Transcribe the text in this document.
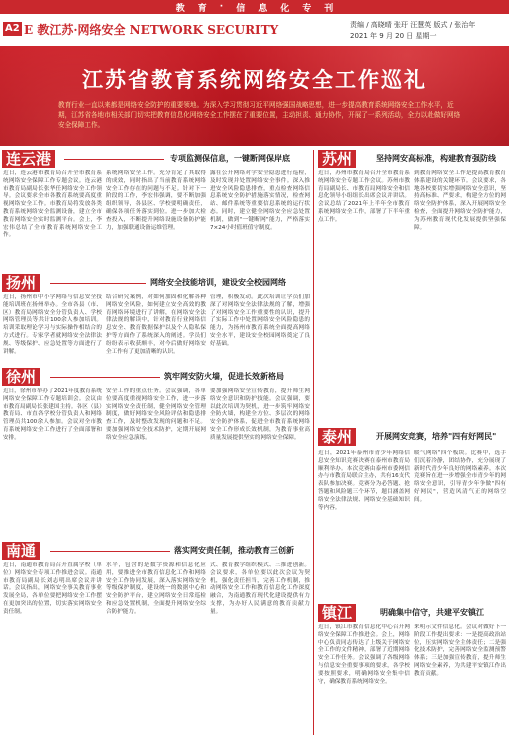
教 育 · 信 息 化 专 刊
A2 E 教江苏·网络安全 NETWORK SECURITY	责编 / 高晓晴 张玗 汪慧英 版式 / 张治年
2021 年 9 月 20 日 星期一
江苏省教育系统网络安全工作巡礼
教育行业一直以来都是网络安全防护的重要领地。为深入学习贯彻习近平网络强国战略思想，进一步提高教育系统网络安全工作水平，近期，江苏省各地市相关部门切实把教育信息化网络安全工作摆在了重要位置，主动担责、通力协作，开展了一系列活动，全力以赴做好网络安全保障工作。
连云港	专项监测保信息，一键断网保岸底
近日，连云港市教育局召开全市教育系统网络安全保障工作专题会议。连云港市教育局副局长张华任网络安全工作领导。会议要求全市各教育系统要高度重视网络安全工作。市教育局将发放各类教育系统网络安全监测设备，建立全市教育网络安全实时监测平台。会上，李宏伟总结了全市教育系统网络安全工作。
系统网络安全工作。充分肯定了其取得的成效，同时指出了当前教育系统网络安全工作存在的问题与不足。针对下一阶段的工作，李宏伟强调，要不断加强组织领导，各县区、学校要明确责任，确保各项任务落实到位。进一步加大检查投入，不断提升网络设施设备防护能力，加强联通设备运维管理。
露在公开网络对学安全隐患进行巡检，及时发现并处置网络安全事件。深入推进安全风险隐患排查，重点检查网络信息系统安全防护措施落实情况，检查网站、邮件系统等重要信息系统的运行状态。同时，建立健全网络安全应急处置机制，做到"一键断网"能力，严格落实7×24小时值班值守制度。
扬州	网络安全技能培训，建设安全校园网络
近日，扬州市中小学网络与信息安全技能培训班在扬州举办。全市各县（市、区）教育局网络安全分管负责人、学校网络管理员等共计100余人参加培训。培训采取理论学习与实际操作相结合的方式进行。专家学者就网络安全法律法规、等级保护、应急处置等方面进行了讲解。
结合研究案例，对如何加固和化解各种网络安全风险，如何建立安全高效的教育网络环境进行了讲解，在网络安全法律法规的解读中，针对教育行业网络信息安全、教育数据保护以及个人隐私保护等方面作了系统深入的阐述。学员们纷纷表示收获颇丰，对今后做好网络安全工作有了更加清晰的认识。
管理，积极发动。此次培训让学员们加深了对网络安全法律法规的了解，增强了对网络安全工作重要性的认识，提升了实际工作中处置网络安全风险隐患的能力，为扬州市教育系统全面提高网络安全水平，建设安全校园网络奠定了良好基础。
徐州	筑牢网安防火墙，促进长效新格局
近日，徐州市举办了2021年度教育系统网络安全保障工作专题培训会。会议由市教育局副局长张建国主持。各区（县）教育局、市直各学校分管负责人和网络管理员共100余人参加。会议对全市教育系统网络安全工作进行了全面部署和安排。
安全工作的重点任务。会议强调，各单位要高度重视网络安全工作，进一步落实网络安全责任制，健全网络安全管理制度，做好网络安全风险评估和隐患排查工作，及时整改发现的问题和不足。要加强网络安全技术防护，定期开展网络安全应急演练。
要加强网络安全宣传教育，提升师生网络安全意识和防护技能。会议强调，要以此次培训为契机，进一步筑牢网络安全防火墙，构建全方位、多层次的网络安全防护体系，促进全市教育系统网络安全工作形成长效机制，为教育事业高质量发展提供坚实的网络安全保障。
南通	落实网安责任制，推动教育三创新
近日，南通市教育局召开直属学校（单位）网络安全专项工作推进会议。南通市教育局副局长刘志明出席会议并讲话。会议指出，网络安全事关教育事业发展全局，各单位要把网络安全工作摆在更加突出的位置，切实落实网络安全责任制。
水平，包含的是数字资源和信息化应用，要推进全市教育信息化工作和网络安全工作协同发展，深入落实网络安全等级保护制度，建设统一的数据中心和安全防护平台，建立网络安全日常巡检和应急处置机制，全面提升网络安全综合防护能力。
式、教育教学组织模式、三推进创新。会议要求，各单位要以此次会议为契机，强化责任担当，完善工作机制，推动网络安全工作和教育信息化工作深度融合，为南通教育现代化建设提供有力支撑，为办好人民满意的教育贡献力量。
苏州	坚持网安高标准，构建教育强防线
近日，苏州市教育局召开全市教育系统网络安全专题工作会议。苏州市教育局副局长、市教育局网络安全和信息化领导小组组长出席会议并讲话。会议总结了2021年上半年全市教育系统网络安全工作，部署了下半年重点工作。
到教育网络安全工作是提高教育教育体系建设的关键环节。会议要求，各地各校要切实增强网络安全意识，坚持高标准、严要求，构建全方位的网络安全防护体系，深入开展网络安全检查，全面提升网络安全防护能力，为苏州教育现代化发展提供坚强保障。
泰州	开展网安竞赛，培养"四有好网民"
近日，2021年泰州市青少年网络信息安全知识竞赛决赛在泰州市教育局顺利举办。本次竞赛由泰州市委网信办与市教育局联合主办，共有16支代表队参加决赛。竞赛分为必答题、抢答题和风险题三个环节，题目涵盖网络安全法律法规、网络安全基础知识等内容。
暖气网络"四个板块。比赛中，选手们沉着冷静，团结协作，充分展现了新时代青少年良好的网络素养。本次竞赛旨在进一步增强全市青少年的网络安全意识，引导青少年争做"四有好网民"，营造风清气正的网络空间。
镇江	明确集中信守，共建平安镇江
近日，镇江市教育信息化中心召开网络安全保障工作推进会。会上，网络中心负责同志传达了上级关于网络安全工作的文件精神，部署了近期网络安全工作任务。会议强调了各级网络与信息安全重要事项的要求，各学校要按照要求，明确网络安全集中信守，确保教育系统网络安全。
来明示文件信息化。会议对做好下一阶段工作提出要求：一是提高政治站位，压实网络安全主体责任；二是强化技术防护，完善网络安全监测预警体系；三是加强宣传教育，提升师生网络安全素养，为共建平安镇江作出教育贡献。
